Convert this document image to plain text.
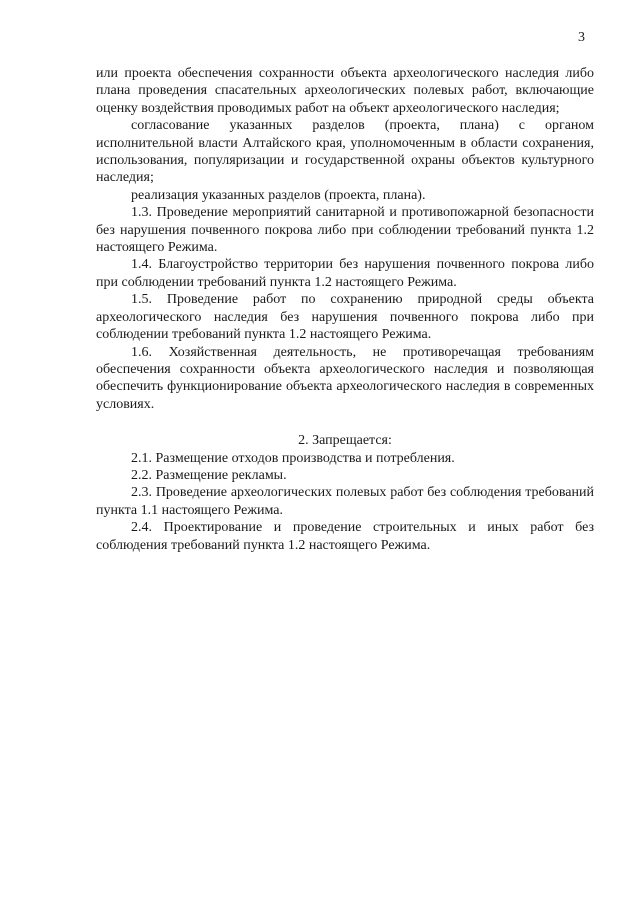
3

или проекта обеспечения сохранности объекта археологического наследия либо плана проведения спасательных археологических полевых работ, включающие оценку воздействия проводимых работ на объект археологического наследия;

согласование указанных разделов (проекта, плана) с органом исполнительной власти Алтайского края, уполномоченным в области сохранения, использования, популяризации и государственной охраны объектов культурного наследия;

реализация указанных разделов (проекта, плана).

1.3. Проведение мероприятий санитарной и противопожарной безопасности без нарушения почвенного покрова либо при соблюдении требований пункта 1.2 настоящего Режима.

1.4. Благоустройство территории без нарушения почвенного покрова либо при соблюдении требований пункта 1.2 настоящего Режима.

1.5. Проведение работ по сохранению природной среды объекта археологического наследия без нарушения почвенного покрова либо при соблюдении требований пункта 1.2 настоящего Режима.

1.6. Хозяйственная деятельность, не противоречащая требованиям обеспечения сохранности объекта археологического наследия и позволяющая обеспечить функционирование объекта археологического наследия в современных условиях.

2. Запрещается:

2.1. Размещение отходов производства и потребления.

2.2. Размещение рекламы.

2.3. Проведение археологических полевых работ без соблюдения требований пункта 1.1 настоящего Режима.

2.4. Проектирование и проведение строительных и иных работ без соблюдения требований пункта 1.2 настоящего Режима.
